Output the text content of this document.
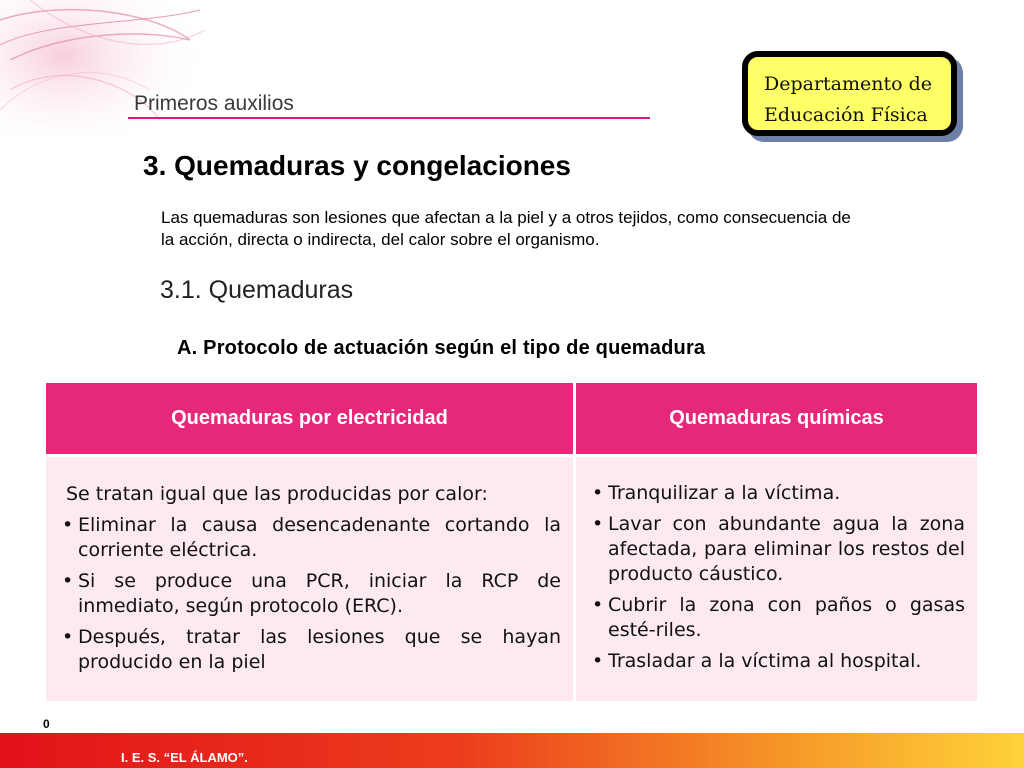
Primeros auxilios
Departamento de
Educación Física
3. Quemaduras y congelaciones
Las quemaduras son lesiones que afectan a la piel y a otros tejidos, como consecuencia de la acción, directa o indirecta, del calor sobre el organismo.
3.1. Quemaduras
A. Protocolo de actuación según el tipo de quemadura
Quemaduras por electricidad	Quemaduras químicas

Se tratan igual que las producidas por calor:

• Eliminar la causa desencadenante cortando la corriente eléctrica.
• Si se produce una PCR, iniciar la RCP de inmediato, según protocolo (ERC).
• Después, tratar las lesiones que se hayan producido en la piel
• Tranquilizar a la víctima.
• Lavar con abundante agua la zona afectada, para eliminar los restos del producto cáustico.
• Cubrir la zona con paños o gasas esté-riles.
• Trasladar a la víctima al hospital.
0
I. E. S. “EL ÁLAMO”.
